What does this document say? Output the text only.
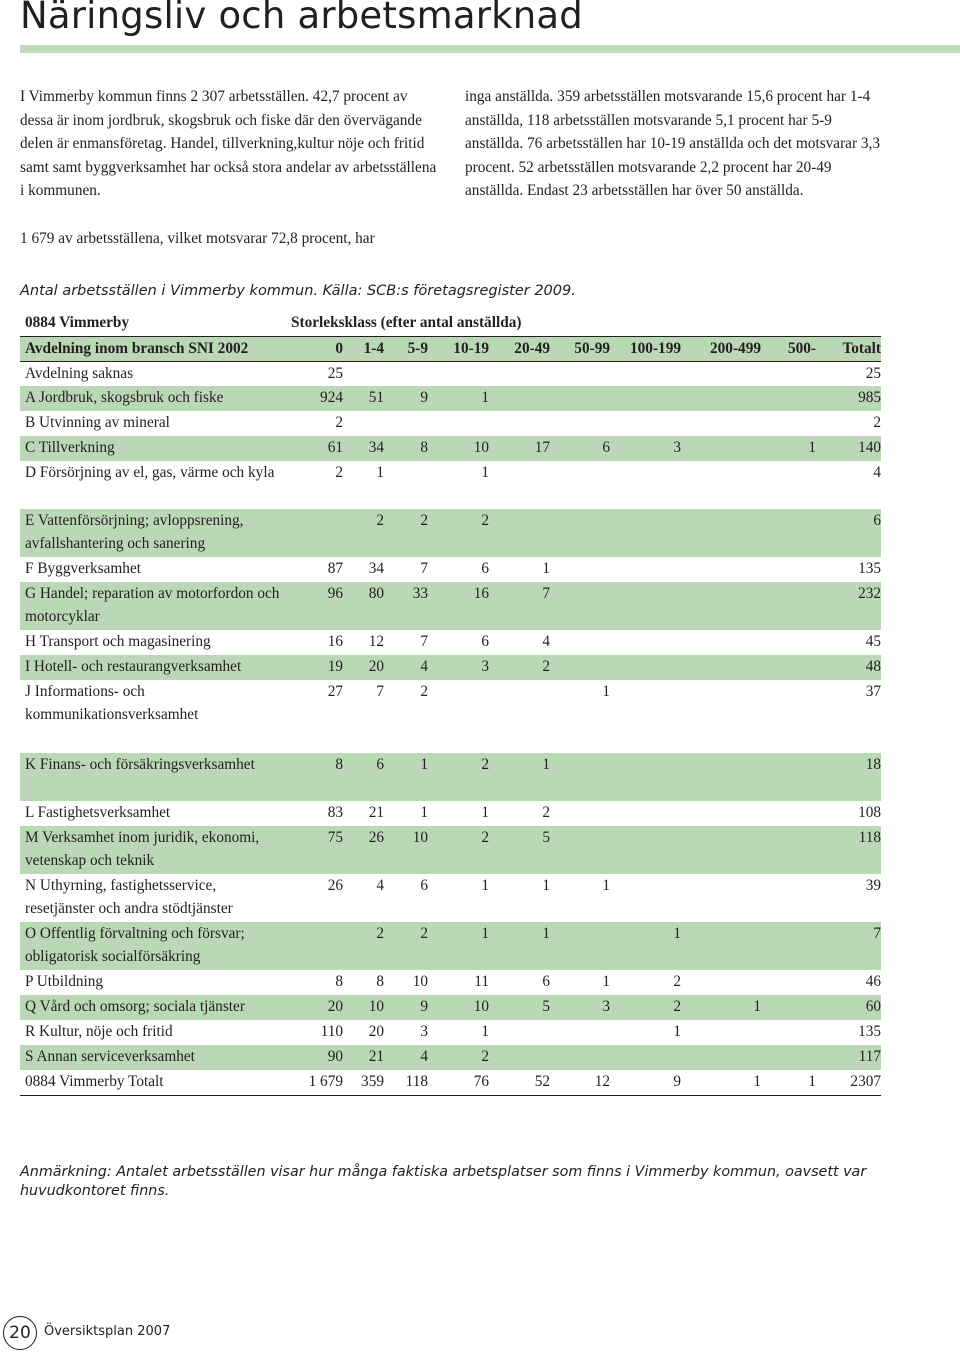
Näringsliv och arbetsmarknad

I Vimmerby kommun finns 2 307 arbetsställen. 42,7 procent av dessa är inom jordbruk, skogsbruk och fiske där den övervägande delen är enmansföretag. Handel, tillverkning,kultur nöje och fritid samt samt byggverksamhet har också stora andelar av arbetsställena i kommunen.

1 679 av arbetsställena, vilket motsvarar 72,8 procent, har

inga anställda. 359 arbetsställen motsvarande 15,6 procent har 1-4 anställda, 118 arbetsställen motsvarande 5,1 procent har 5-9 anställda. 76 arbetsställen har 10-19 anställda och det motsvarar 3,3 procent. 52 arbetsställen motsvarande 2,2 procent har 20-49 anställda. Endast 23 arbetsställen har över 50 anställda.

Antal arbetsställen i Vimmerby kommun. Källa: SCB:s företagsregister 2009.
0884 Vimmerby	Storleksklass (efter antal anställda)									
Avdelning inom bransch SNI 2002	0	1-4	5-9	10-19	20-49	50-99	100-199	200-499	500-	Totalt
Avdelning saknas	25									25
A Jordbruk, skogsbruk och fiske	924	51	9	1						985
B Utvinning av mineral	2									2
C Tillverkning	61	34	8	10	17	6	3		1	140
D Försörjning av el, gas, värme och kyla	2	1		1						4
E Vattenförsörjning; avloppsrening, avfallshantering och sanering		2	2	2						6
F Byggverksamhet	87	34	7	6	1					135
G Handel; reparation av motorfordon och motorcyklar	96	80	33	16	7					232
H Transport och magasinering	16	12	7	6	4					45
I Hotell- och restaurangverksamhet	19	20	4	3	2					48
J Informations- och kommunikationsverksamhet	27	7	2			1				37

K Finans- och försäkringsverksamhet	8	6	1	2	1					18
L Fastighetsverksamhet	83	21	1	1	2					108
M Verksamhet inom juridik, ekonomi, vetenskap och teknik	75	26	10	2	5					118
N Uthyrning, fastighetsservice, resetjänster och andra stödtjänster	26	4	6	1	1	1				39
O Offentlig förvaltning och försvar; obligatorisk socialförsäkring		2	2	1	1		1			7
P Utbildning	8	8	10	11	6	1	2			46
Q Vård och omsorg; sociala tjänster	20	10	9	10	5	3	2	1		60
R Kultur, nöje och fritid	110	20	3	1			1			135
S Annan serviceverksamhet	90	21	4	2						117
0884 Vimmerby Totalt	1 679	359	118	76	52	12	9	1	1	2307
Anmärkning: Antalet arbetsställen visar hur många faktiska arbetsplatser som finns i Vimmerby kommun, oavsett var huvudkontoret finns.
20	Översiktsplan 2007
